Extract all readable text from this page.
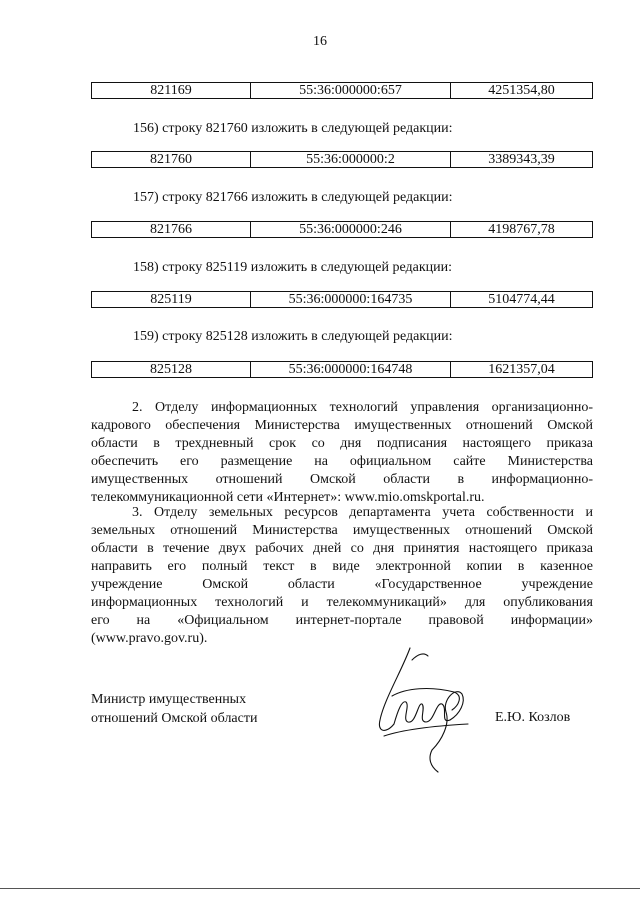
16
821169	55:36:000000:657	4251354,80
156) строку 821760 изложить в следующей редакции:
821760	55:36:000000:2	3389343,39
157) строку 821766 изложить в следующей редакции:
821766	55:36:000000:246	4198767,78
158) строку 825119 изложить в следующей редакции:
825119	55:36:000000:164735	5104774,44
159) строку 825128 изложить в следующей редакции:
825128	55:36:000000:164748	1621357,04
2. Отделу информационных технологий управления организационно-
кадрового обеспечения Министерства имущественных отношений Омской
области в трехдневный срок со дня подписания настоящего приказа
обеспечить его размещение на официальном сайте Министерства
имущественных отношений Омской области в информационно-
телекоммуникационной сети «Интернет»: www.mio.omskportal.ru.
3. Отделу земельных ресурсов департамента учета собственности и
земельных отношений Министерства имущественных отношений Омской
области в течение двух рабочих дней со дня принятия настоящего приказа
направить его полный текст в виде электронной копии в казенное
учреждение Омской области «Государственное учреждение
информационных технологий и телекоммуникаций» для опубликования
его на «Официальном интернет-портале правовой информации»
(www.pravo.gov.ru).
Министр имущественных
отношений Омской области	Е.Ю. Козлов
